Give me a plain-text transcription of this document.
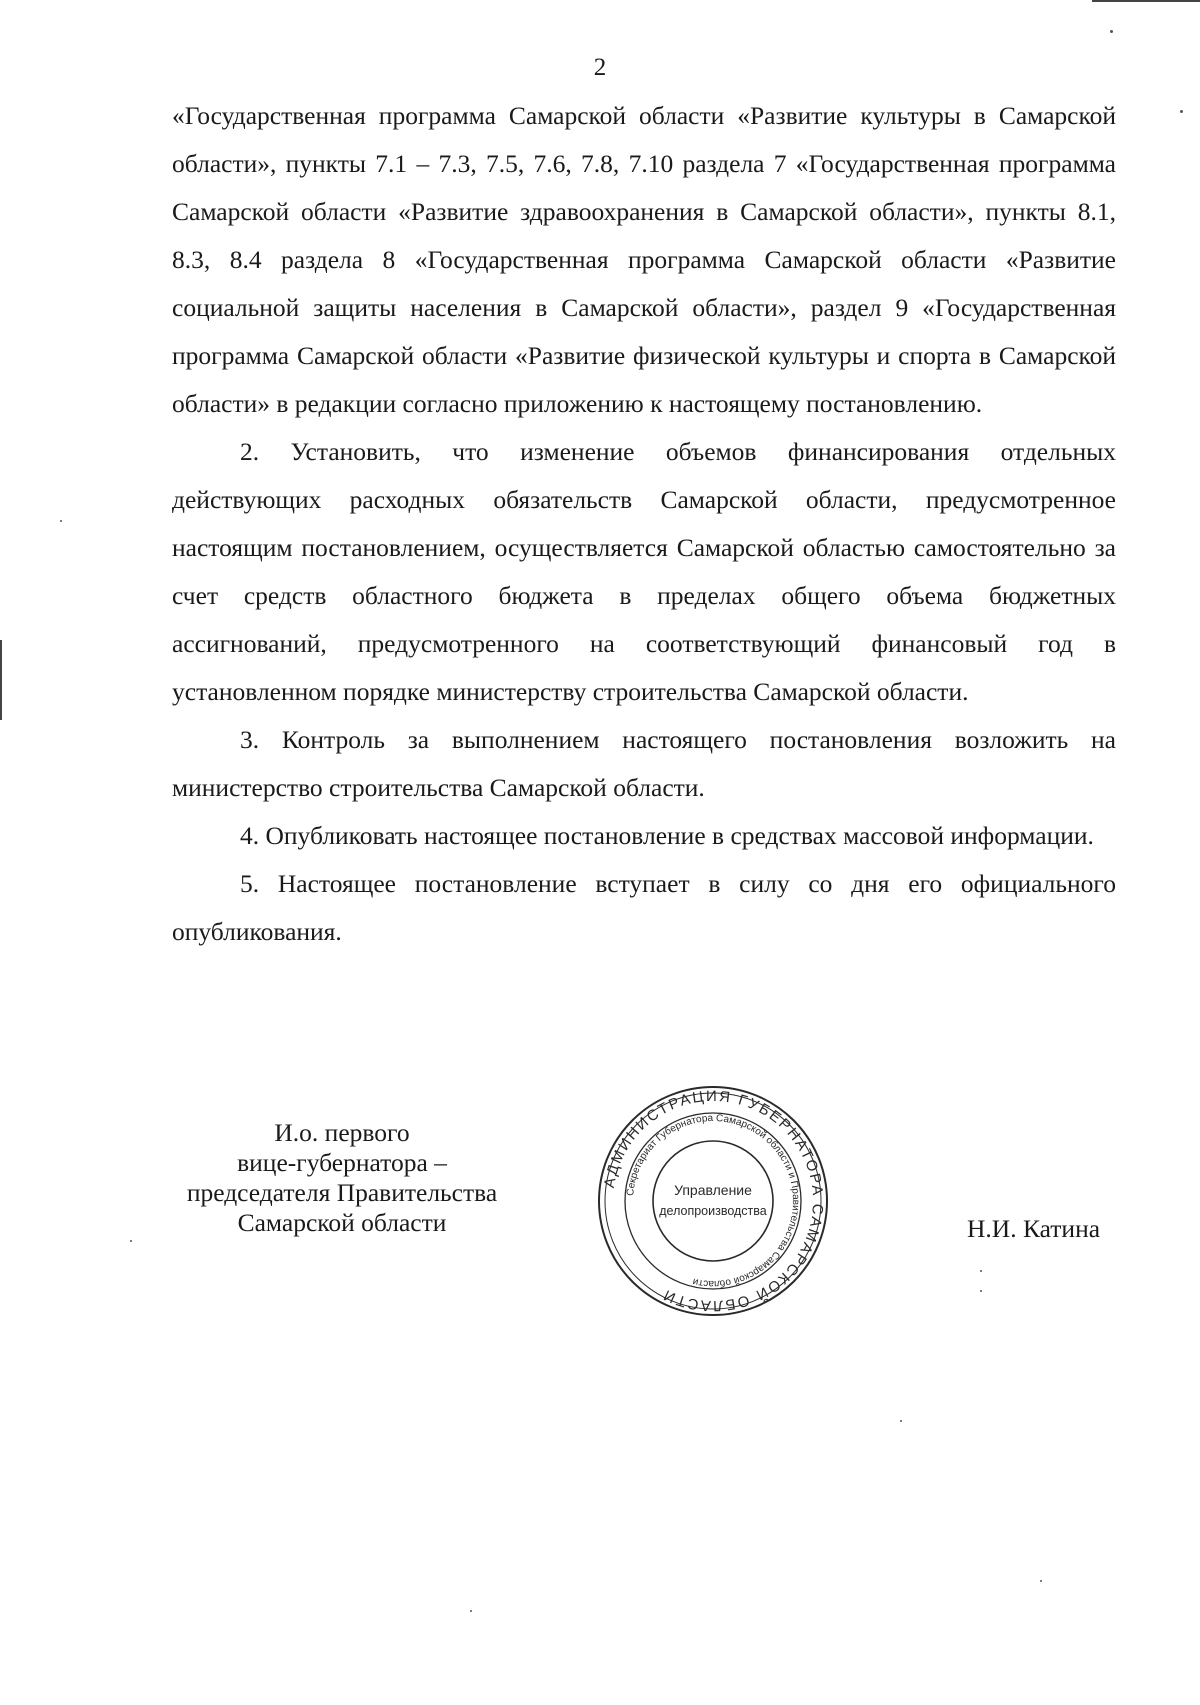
2

«Государственная программа Самарской области «Развитие культуры в Самарской области», пункты 7.1 – 7.3, 7.5, 7.6, 7.8, 7.10 раздела 7 «Государственная программа Самарской области «Развитие здравоохранения в Самарской области», пункты 8.1, 8.3, 8.4 раздела 8 «Государственная программа Самарской области «Развитие социальной защиты населения в Самарской области», раздел 9 «Государственная программа Самарской области «Развитие физической культуры и спорта в Самарской области» в редакции согласно приложению к настоящему постановлению.

2. Установить, что изменение объемов финансирования отдельных действующих расходных обязательств Самарской области, предусмотренное настоящим постановлением, осуществляется Самарской областью самостоятельно за счет средств областного бюджета в пределах общего объема бюджетных ассигнований, предусмотренного на соответствующий финансовый год в установленном порядке министерству строительства Самарской области.

3. Контроль за выполнением настоящего постановления возложить на министерство строительства Самарской области.

4. Опубликовать настоящее постановление в средствах массовой информации.

5. Настоящее постановление вступает в силу со дня его официального опубликования.

И.о. первого
вице-губернатора –
председателя Правительства
Самарской области
АДМИНИСТРАЦИЯ ГУБЕРНАТОРА САМАРСКОЙ ОБЛАСТИ
Секретариат Губернатора Самарской области и Правительства Самарской области
Управление
делопроизводства
Н.И. Катина
